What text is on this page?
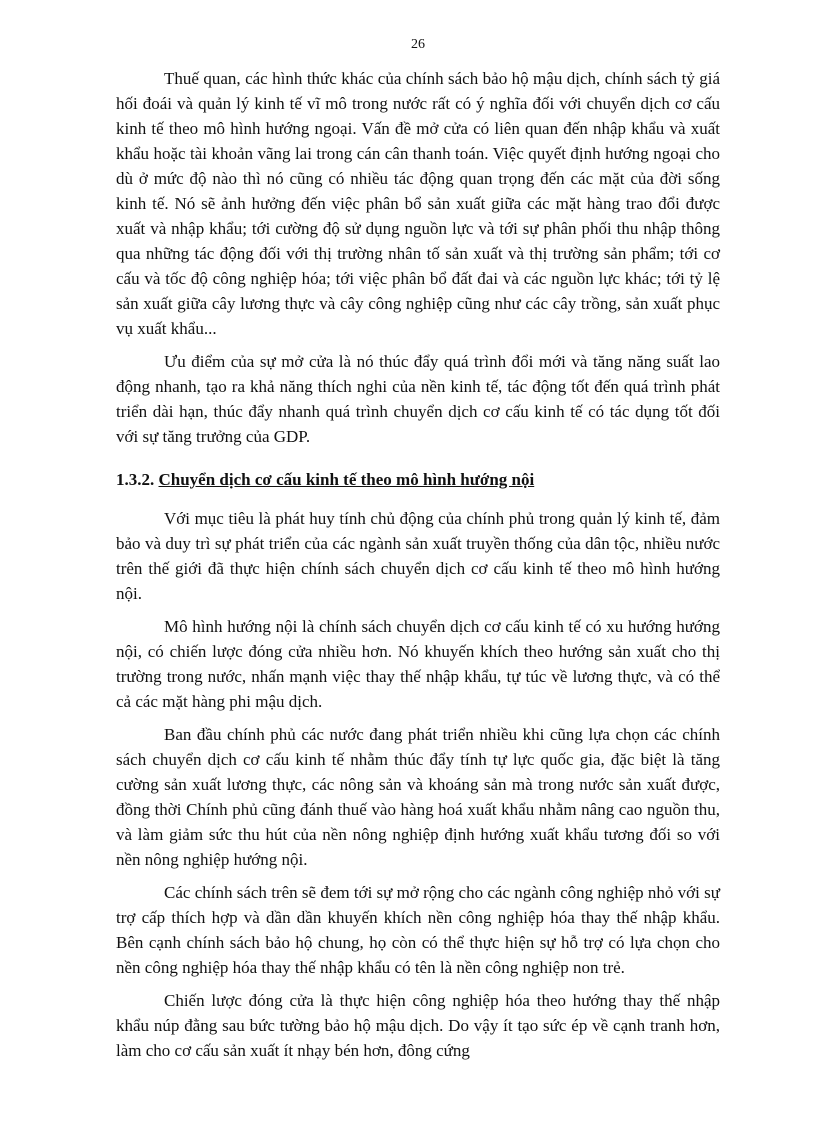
26

Thuế quan, các hình thức khác của chính sách bảo hộ mậu dịch, chính sách tỷ giá hối đoái và quản lý kinh tế vĩ mô trong nước rất có ý nghĩa đối với chuyển dịch cơ cấu kinh tế theo mô hình hướng ngoại. Vấn đề mở cửa có liên quan đến nhập khẩu và xuất khẩu hoặc tài khoản vãng lai trong cán cân thanh toán. Việc quyết định hướng ngoại cho dù ở mức độ nào thì nó cũng có nhiều tác động quan trọng đến các mặt của đời sống kinh tế. Nó sẽ ảnh hưởng đến việc phân bổ sản xuất giữa các mặt hàng trao đổi được xuất và nhập khẩu; tới cường độ sử dụng nguồn lực và tới sự phân phối thu nhập thông qua những tác động đối với thị trường nhân tố sản xuất và thị trường sản phẩm; tới cơ cấu và tốc độ công nghiệp hóa; tới việc phân bổ đất đai và các nguồn lực khác; tới tỷ lệ sản xuất giữa cây lương thực và cây công nghiệp cũng như các cây trồng, sản xuất phục vụ xuất khẩu...

Ưu điểm của sự mở cửa là nó thúc đẩy quá trình đổi mới và tăng năng suất lao động nhanh, tạo ra khả năng thích nghi của nền kinh tế, tác động tốt đến quá trình phát triển dài hạn, thúc đẩy nhanh quá trình chuyển dịch cơ cấu kinh tế có tác dụng tốt đối với sự tăng trưởng của GDP.

1.3.2. Chuyển dịch cơ cấu kinh tế theo mô hình hướng nội

Với mục tiêu là phát huy tính chủ động của chính phủ trong quản lý kinh tế, đảm bảo và duy trì sự phát triển của các ngành sản xuất truyền thống của dân tộc, nhiều nước trên thế giới đã thực hiện chính sách chuyển dịch cơ cấu kinh tế theo mô hình hướng nội.

Mô hình hướng nội là chính sách chuyển dịch cơ cấu kinh tế có xu hướng hướng nội, có chiến lược đóng cửa nhiều hơn. Nó khuyến khích theo hướng sản xuất cho thị trường trong nước, nhấn mạnh việc thay thế nhập khẩu, tự túc về lương thực, và có thể cả các mặt hàng phi mậu dịch.

Ban đầu chính phủ các nước đang phát triển nhiều khi cũng lựa chọn các chính sách chuyển dịch cơ cấu kinh tế nhằm thúc đẩy tính tự lực quốc gia, đặc biệt là tăng cường sản xuất lương thực, các nông sản và khoáng sản mà trong nước sản xuất được, đồng thời Chính phủ cũng đánh thuế vào hàng hoá xuất khẩu nhằm nâng cao nguồn thu, và làm giảm sức thu hút của nền nông nghiệp định hướng xuất khẩu tương đối so với nền nông nghiệp hướng nội.

Các chính sách trên sẽ đem tới sự mở rộng cho các ngành công nghiệp nhỏ với sự trợ cấp thích hợp và dần dần khuyến khích nền công nghiệp hóa thay thế nhập khẩu. Bên cạnh chính sách bảo hộ chung, họ còn có thể thực hiện sự hỗ trợ có lựa chọn cho nền công nghiệp hóa thay thế nhập khẩu có tên là nền công nghiệp non trẻ.

Chiến lược đóng cửa là thực hiện công nghiệp hóa theo hướng thay thế nhập khẩu núp đằng sau bức tường bảo hộ mậu dịch. Do vậy ít tạo sức ép về cạnh tranh hơn, làm cho cơ cấu sản xuất ít nhạy bén hơn, đông cứng
